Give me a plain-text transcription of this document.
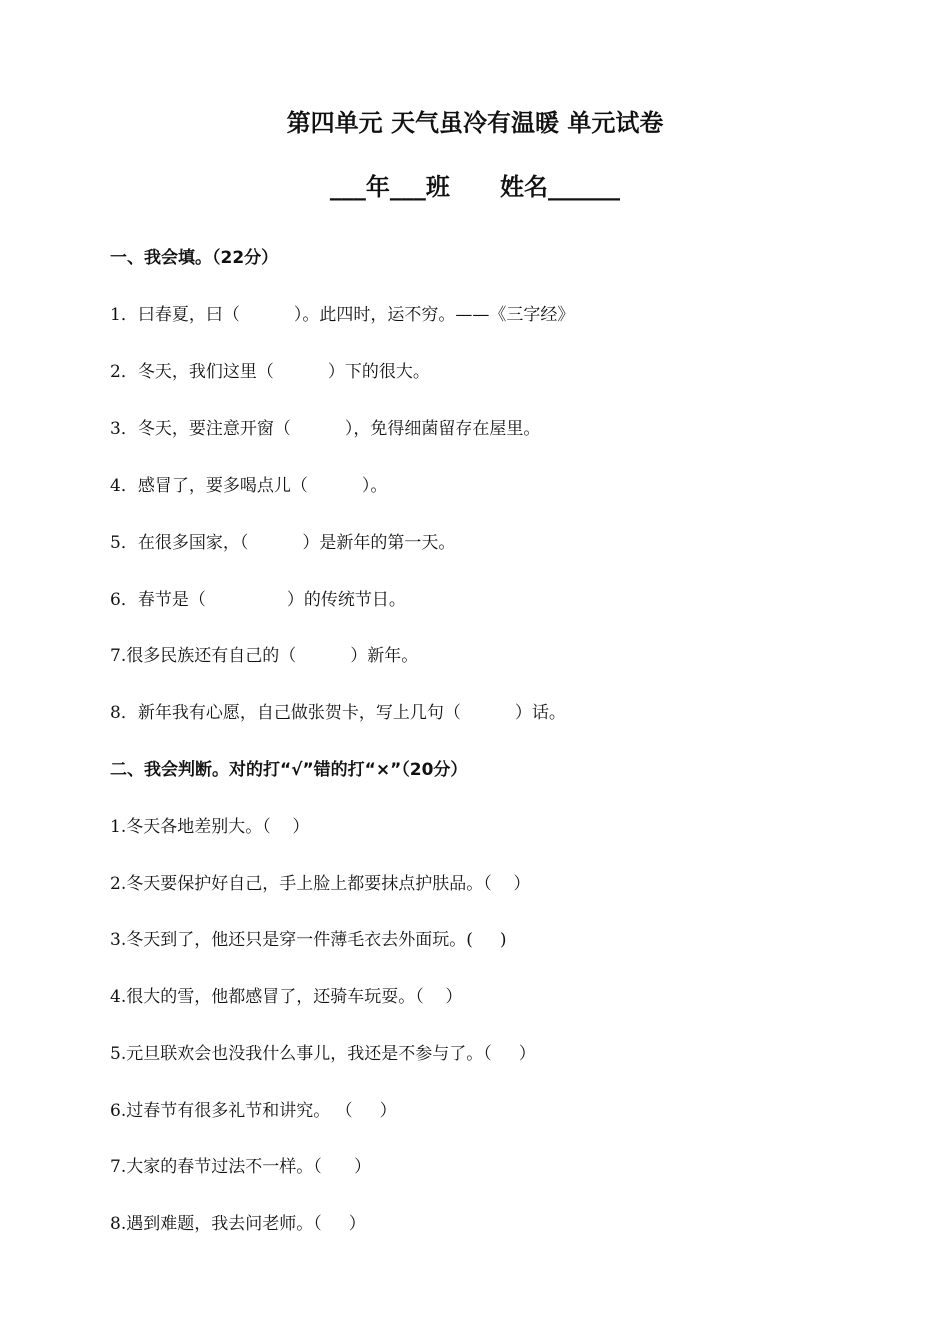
第四单元 天气虽冷有温暖 单元试卷
___年___班      姓名______
一、我会填。（22分）
1．曰春夏，曰（          ）。此四时，运不穷。——《三字经》
2．冬天，我们这里（          ）下的很大。
3．冬天，要注意开窗（          ），免得细菌留存在屋里。
4．感冒了，要多喝点儿（          ）。
5．在很多国家，（          ）是新年的第一天。
6．春节是（               ）的传统节日。
7.很多民族还有自己的（          ）新年。
8．新年我有心愿，自己做张贺卡，写上几句（          ）话。
二、我会判断。对的打“√”错的打“×”（20分）
1.冬天各地差别大。（    ）
2.冬天要保护好自己，手上脸上都要抹点护肤品。（    ）
3.冬天到了，他还只是穿一件薄毛衣去外面玩。(     )
4.很大的雪，他都感冒了，还骑车玩耍。（    ）
5.元旦联欢会也没我什么事儿，我还是不参与了。（     ）
6.过春节有很多礼节和讲究。 （     ）
7.大家的春节过法不一样。（      ）
8.遇到难题，我去问老师。（     ）
